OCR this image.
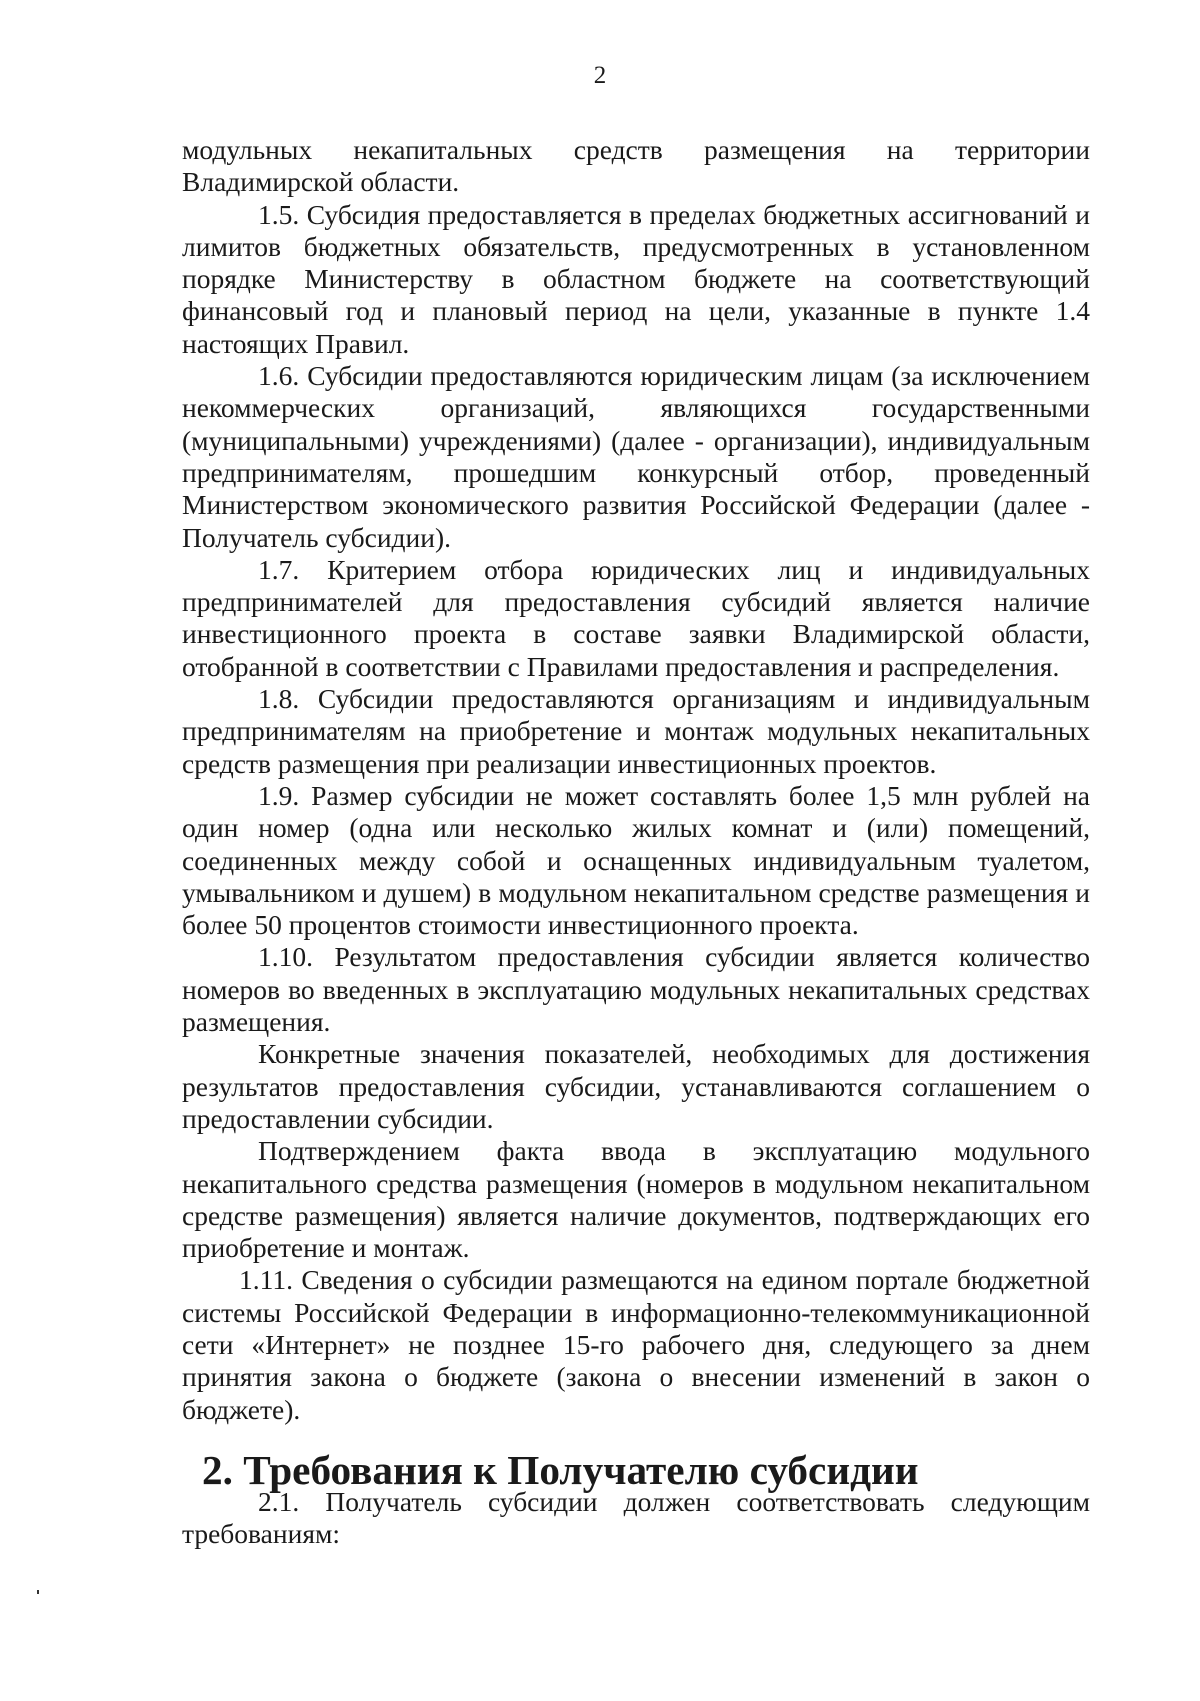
2

модульных некапитальных средств размещения на территории Владимирской области.

1.5. Субсидия предоставляется в пределах бюджетных ассигнований и лимитов бюджетных обязательств, предусмотренных в установленном порядке Министерству в областном бюджете на соответствующий финансовый год и плановый период на цели, указанные в пункте 1.4 настоящих Правил.

1.6. Субсидии предоставляются юридическим лицам (за исключением некоммерческих организаций, являющихся государственными (муниципальными) учреждениями) (далее - организации), индивидуальным предпринимателям, прошедшим конкурсный отбор, проведенный Министерством экономического развития Российской Федерации (далее - Получатель субсидии).

1.7. Критерием отбора юридических лиц и индивидуальных предпринимателей для предоставления субсидий является наличие инвестиционного проекта в составе заявки Владимирской области, отобранной в соответствии с Правилами предоставления и распределения.

1.8. Субсидии предоставляются организациям и индивидуальным предпринимателям на приобретение и монтаж модульных некапитальных средств размещения при реализации инвестиционных проектов.

1.9. Размер субсидии не может составлять более 1,5 млн рублей на один номер (одна или несколько жилых комнат и (или) помещений, соединенных между собой и оснащенных индивидуальным туалетом, умывальником и душем) в модульном некапитальном средстве размещения и более 50 процентов стоимости инвестиционного проекта.

1.10. Результатом предоставления субсидии является количество номеров во введенных в эксплуатацию модульных некапитальных средствах размещения.

Конкретные значения показателей, необходимых для достижения результатов предоставления субсидии, устанавливаются соглашением о предоставлении субсидии.

Подтверждением факта ввода в эксплуатацию модульного некапитального средства размещения (номеров в модульном некапитальном средстве размещения) является наличие документов, подтверждающих его приобретение и монтаж.

1.11. Сведения о субсидии размещаются на едином портале бюджетной системы Российской Федерации в информационно-телекоммуникационной сети «Интернет» не позднее 15-го рабочего дня, следующего за днем принятия закона о бюджете (закона о внесении изменений в закон о бюджете).

2. Требования к Получателю субсидии

2.1. Получатель субсидии должен соответствовать следующим требованиям:
